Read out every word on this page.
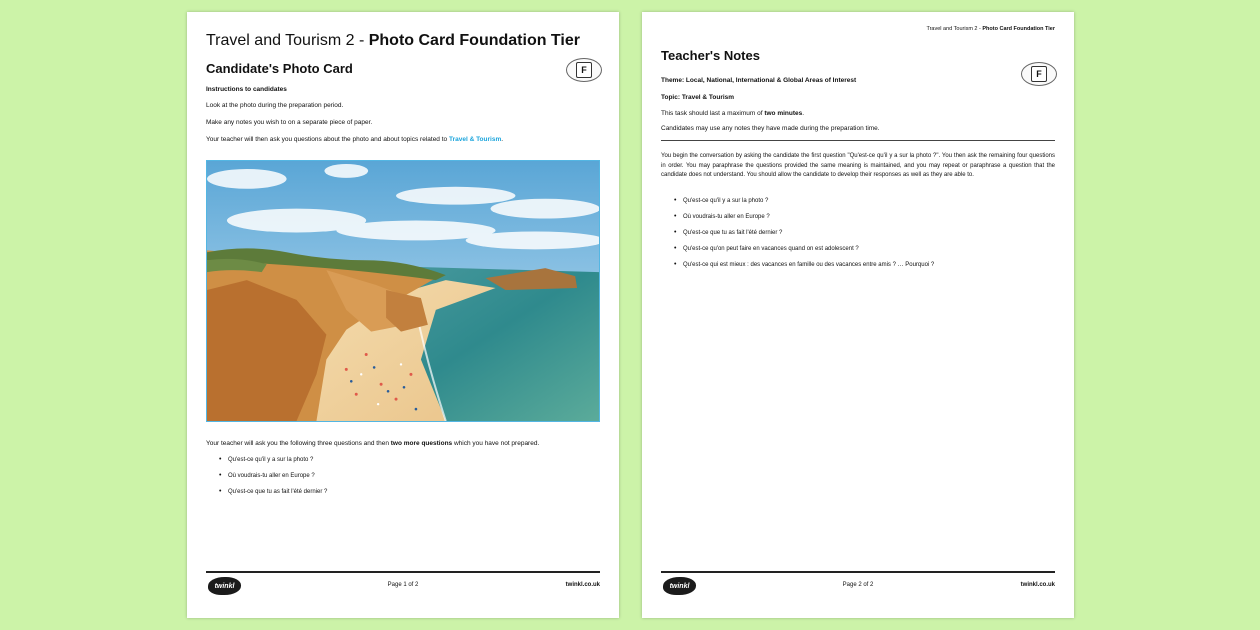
Travel and Tourism 2 - Photo Card Foundation Tier
Candidate's Photo Card	F
Instructions to candidates
Look at the photo during the preparation period.
Make any notes you wish to on a separate piece of paper.
Your teacher will then ask you questions about the photo and about topics related to Travel & Tourism.
Your teacher will ask you the following three questions and then two more questions which you have not prepared.
• Qu'est-ce qu'il y a sur la photo ?
• Où voudrais-tu aller en Europe ?
• Qu'est-ce que tu as fait l'été dernier ?
twinkl	Page 1 of 2	twinkl.co.uk
Travel and Tourism 2 - Photo Card Foundation Tier
Teacher's Notes
F
Theme: Local, National, International & Global Areas of Interest
Topic: Travel & Tourism
This task should last a maximum of two minutes.
Candidates may use any notes they have made during the preparation time.
You begin the conversation by asking the candidate the first question "Qu'est-ce qu'il y a sur la photo ?". You then ask the remaining four questions in order. You may paraphrase the questions provided the same meaning is maintained, and you may repeat or paraphrase a question that the candidate does not understand. You should allow the candidate to develop their responses as well as they are able to.
• Qu'est-ce qu'il y a sur la photo ?
• Où voudrais-tu aller en Europe ?
• Qu'est-ce que tu as fait l'été dernier ?
• Qu'est-ce qu'on peut faire en vacances quand on est adolescent ?
• Qu'est-ce qui est mieux : des vacances en famille ou des vacances entre amis ? … Pourquoi ?
twinkl	Page 2 of 2	twinkl.co.uk
